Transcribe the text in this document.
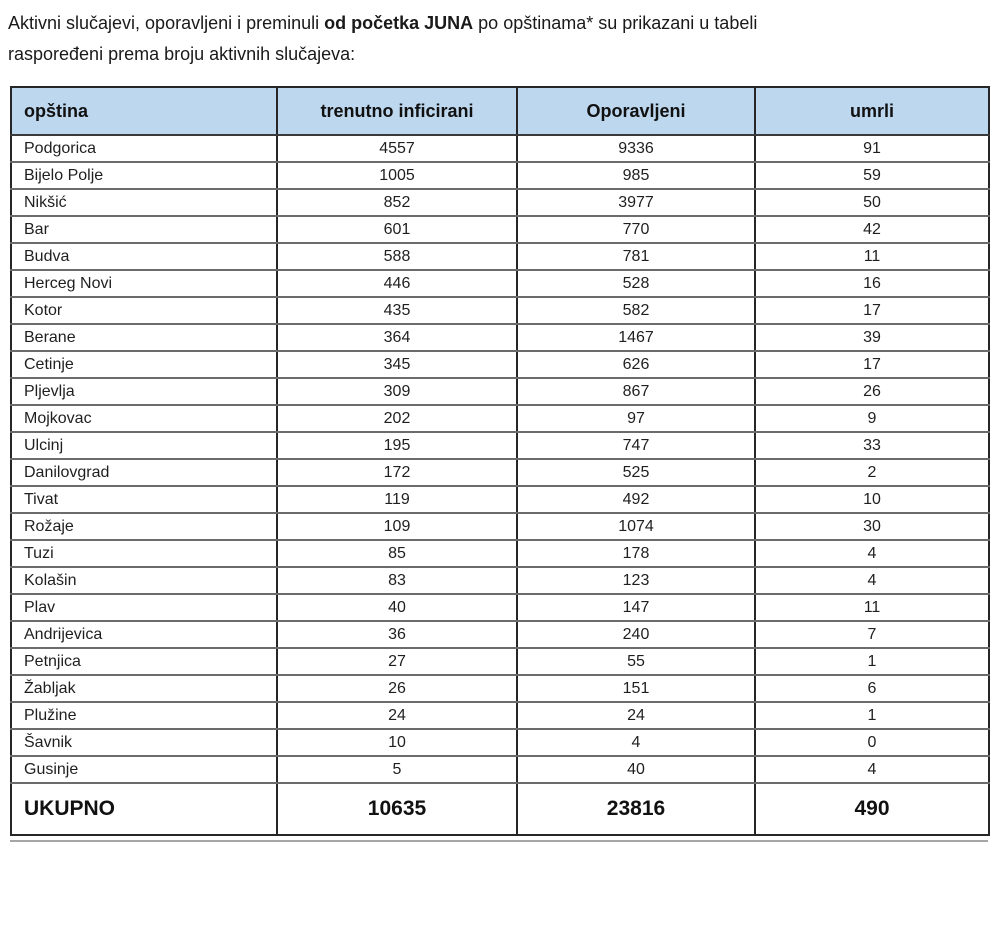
Aktivni slučajevi, oporavljeni i preminuli od početka JUNA po opštinama* su prikazani u tabeli
raspoređeni prema broju aktivnih slučajeva:

opština	trenutno inficirani	Oporavljeni	umrli
Podgorica	4557	9336	91
Bijelo Polje	1005	985	59
Nikšić	852	3977	50
Bar	601	770	42
Budva	588	781	11
Herceg Novi	446	528	16
Kotor	435	582	17
Berane	364	1467	39
Cetinje	345	626	17
Pljevlja	309	867	26
Mojkovac	202	97	9
Ulcinj	195	747	33
Danilovgrad	172	525	2
Tivat	119	492	10
Rožaje	109	1074	30
Tuzi	85	178	4
Kolašin	83	123	4
Plav	40	147	11
Andrijevica	36	240	7
Petnjica	27	55	1
Žabljak	26	151	6
Plužine	24	24	1
Šavnik	10	4	0
Gusinje	5	40	4
UKUPNO	10635	23816	490
